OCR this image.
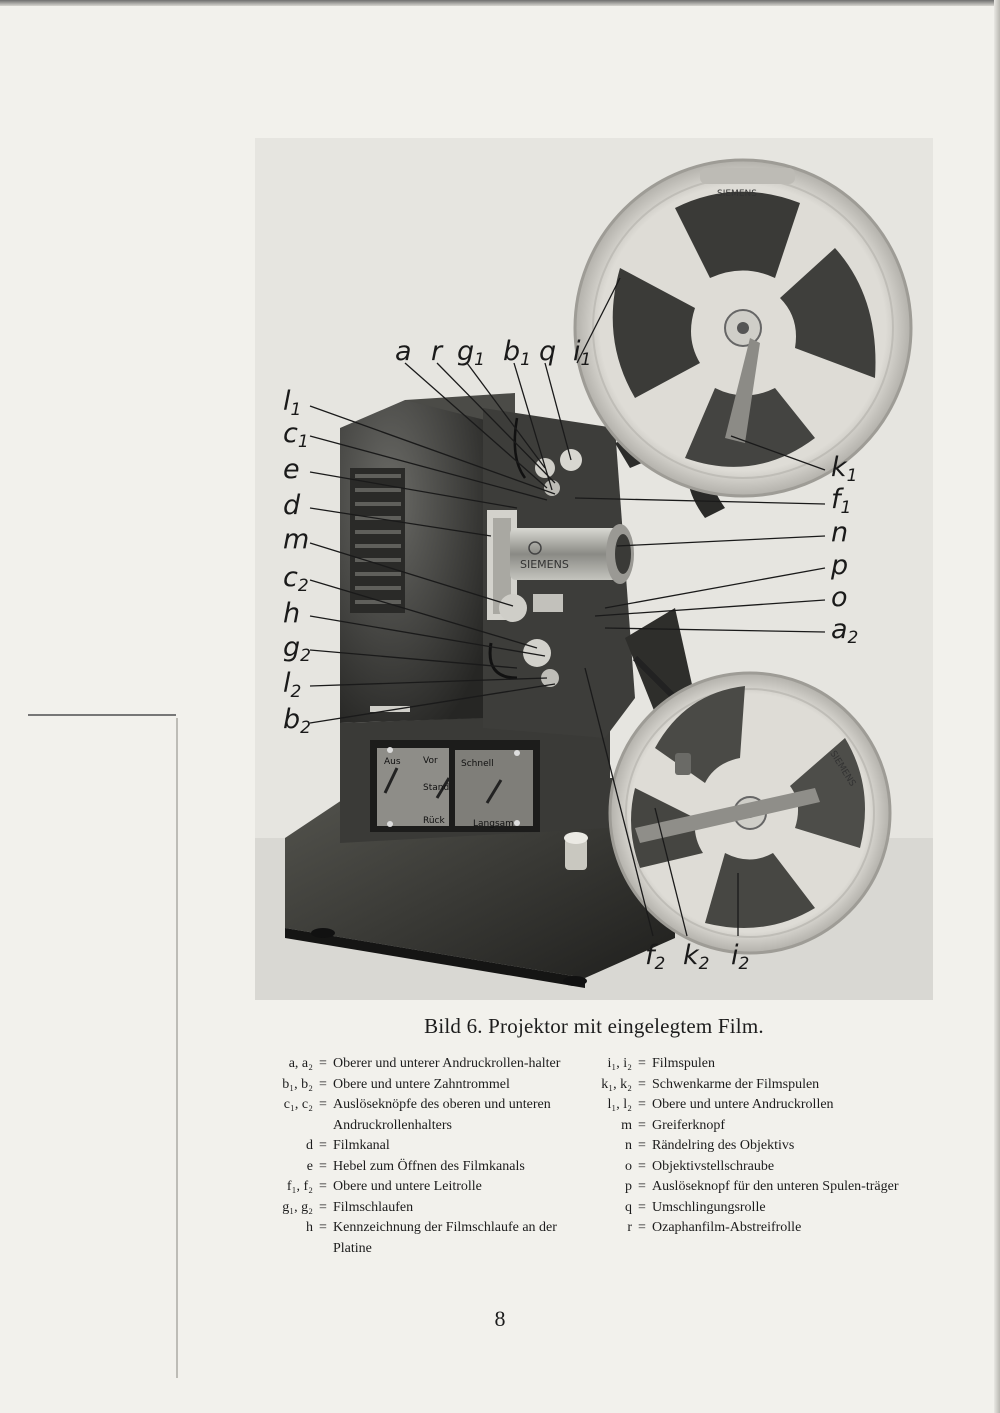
Aus Vor
Stand
Rück
Schnell
Langsam
SIEMENS
SIEMENS
SIEMENS
a r g1 b1 q i1
l1
c1
e
d
m
c2
h
g2
l2
b2
k1
f1
n
p
o
a2
f2 k2 i2
Bild 6. Projektor mit eingelegtem Film.
a, a₂ = Oberer und unterer Andruckrollen-halter
b₁, b₂ = Obere und untere Zahntrommel
c₁, c₂ = Auslöseknöpfe des oberen und unteren Andruckrollenhalters
d = Filmkanal
e = Hebel zum Öffnen des Filmkanals
f₁, f₂ = Obere und untere Leitrolle
g₁, g₂ = Filmschlaufen
h = Kennzeichnung der Filmschlaufe an der Platine
i₁, i₂ = Filmspulen
k₁, k₂ = Schwenkarme der Filmspulen
l₁, l₂ = Obere und untere Andruckrollen
m = Greiferknopf
n = Rändelring des Objektivs
o = Objektivstellschraube
p = Auslöseknopf für den unteren Spulen-träger
q = Umschlingungsrolle
r = Ozaphanfilm-Abstreifrolle
8
